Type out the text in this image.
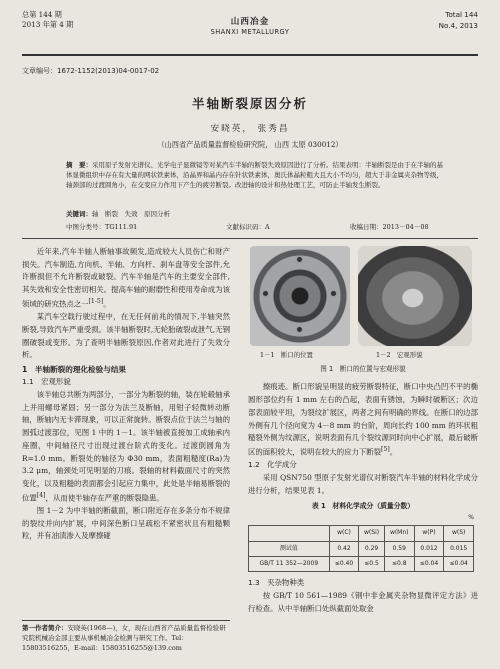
总第 144 期
2013 年第 4 期	山西冶金
SHANXI METALLURGY
Total 144
No.4, 2013
文章编号：1672-1152(2013)04-0017-02
半轴断裂原因分析
安晓英， 张秀昌
（山西省产品质量监督检验研究院， 山西 太原 030012）
摘　要：采用原子发射光谱仪、光学电子显微镜等对某汽车半轴的断裂失效原因进行了分析。结果表明：半轴断裂是由于在半轴的基体显微组织中存在有大量的网状铁素体，沿晶界和晶内存在针状铁素体，奥氏体晶粒粗大且大小不均匀，超大于非金属夹杂物等级，轴颈部的过渡圆角小，在交变应力作用下产生的疲劳断裂。改进轴的设计和热处理工艺，可防止半轴发生断裂。
关键词：轴　断裂　失效　原因分析
中图分类号：TG111.91	文献标识码：A	收稿日期：2013－04－08

近年来,汽车半轴人断轴事故频发,造成较大人员伤亡和财产损失。汽车制造,方向机、半轴、方向杆、刹车盘等安全部件,允许断损但不允许断裂或破裂。汽车半轴是汽车的主要安全部件,其失效和安全性密切相关。提高车轴的耐磨性和使用寿命成为该领域的研究热点之一[1-5]。

某汽车空载行驶过程中，在无任何前兆的情况下,半轴突然断裂,导致汽车严重受损。该半轴断裂时,无轮胎破裂或泄气,无钢圈破裂或变形。为了查明半轴断裂原因,作者对此进行了失效分析。

1　半轴断裂的理化检验与结果
1.1　宏观形貌

该半轴总共断为两部分，一部分为断裂的轴，装在轮毂轴承上并用螺母紧固；另一部分为法兰及断轴，用钳子轻微转动断轴，断轴内无卡滞现象，可以正常旋转。断裂点位于法兰与轴的圆弧过渡部位，见图 1 中的 1－1。该半轴被直接加工成轴承内座圈，中间轴径尺寸出现过渡台阶式的变化。过渡倒圆角为 R=1.0 mm。断裂处的轴径为 Φ30 mm，表面粗糙度(Ra)为 3.2 μm，轴颈处可见明显的刀痕。裂轴的材料截面尺寸的突然变化，以及粗糙的表面都会引起应力集中，此处是半轴易断裂的位置[4]，从而使半轴存在严重的断裂隐患。

图 1－2 为中半轴的断截面，断口附近存在多条分布不规律的裂纹并向内扩展，中间深色断口呈疏松不紧密状且有粗糙颗粒，并有油渍渗入及摩擦碰

1－1　断口的位置	1－2　宏观形貌
图 1　断口的位置与宏观形貌

擦痕迹。断口形貌呈明显的疲劳断裂特征，断口中央凸凹不平的椭圆形部位约有 1 mm 左右的凸起，表面有锈蚀，为瞬时破断区；次边部表面较平坦，为裂纹扩展区，两者之间有明确的界线。在断口的边部外侧有几个径向宽为 4－8 mm 的台阶，周向长约 100 mm 的环状粗糙裂外侧为纹源区，说明表面有几个裂纹源同时向中心扩展，最后破断区的面积较大，说明在较大的应力下断裂[5]。

1.2　化学成分

采用 QSN750 型原子发射光谱仪对断裂汽车半轴的材料化学成分进行分析，结果见表 1。

表 1　材料化学成分（质量分数）
%
	w(C)	w(Si)	w(Mn)	w(P)	w(S)
测试值	0.42	0.29	0.59	0.012	0.015
GB/T 11 352—2009	≤0.40	≤0.5	≤0.8	≤0.04	≤0.04
1.3　夹杂物种类

按 GB/T 10 561—1989《钢中非金属夹杂物显微评定方法》进行检查。从中半轴断口处纵截面处取金

第一作者简介：安晓英(1968—)，女，现在山西省产品质量监督检验研究院机械冶金部主要从事机械冶金检测与研究工作。Tel：15803516255，E-mail：15803516255@139.com
